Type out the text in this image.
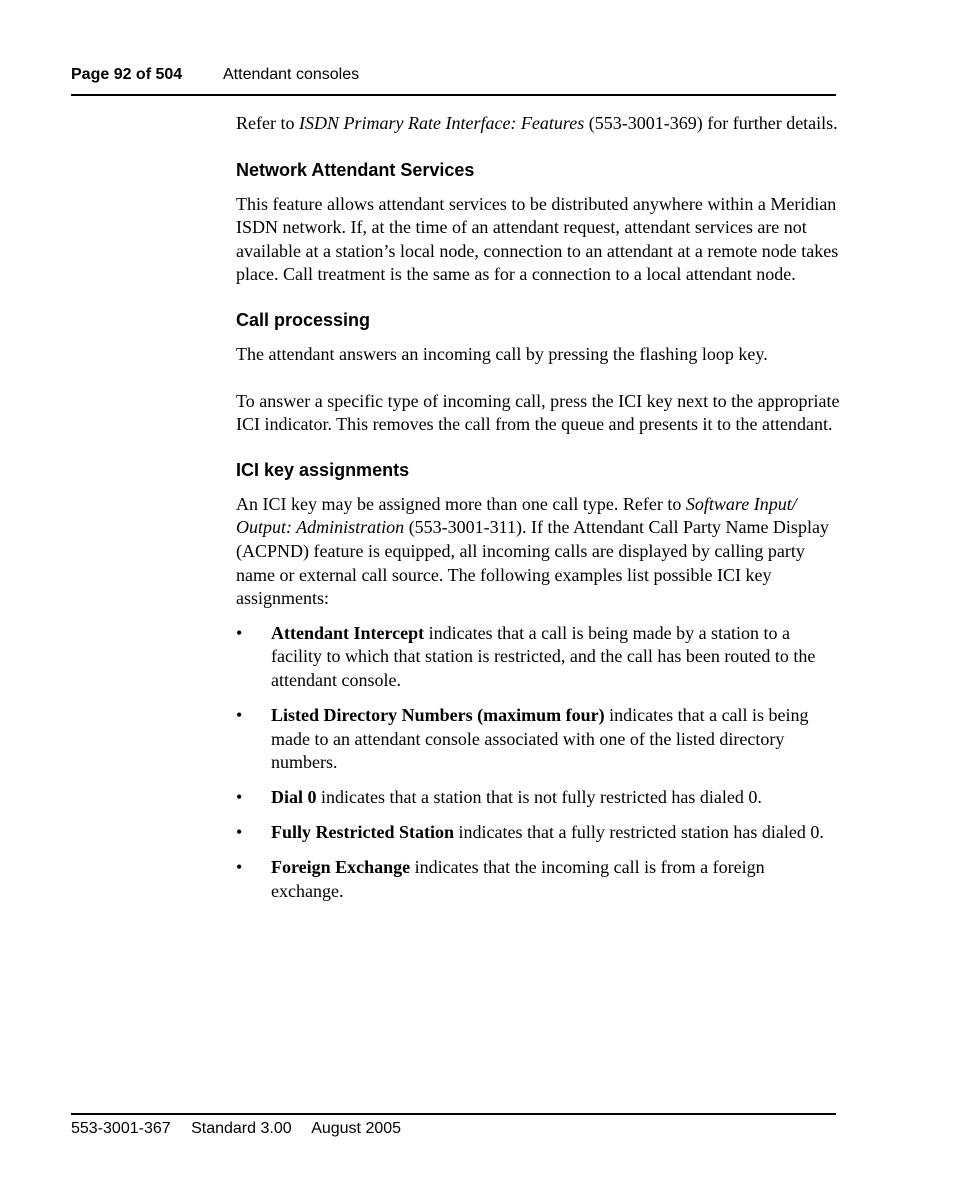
Page 92 of 504	Attendant consoles

Refer to ISDN Primary Rate Interface: Features (553-3001-369) for further details.

Network Attendant Services

This feature allows attendant services to be distributed anywhere within a Meridian ISDN network. If, at the time of an attendant request, attendant services are not available at a station’s local node, connection to an attendant at a remote node takes place. Call treatment is the same as for a connection to a local attendant node.

Call processing

The attendant answers an incoming call by pressing the flashing loop key.

To answer a specific type of incoming call, press the ICI key next to the appropriate ICI indicator. This removes the call from the queue and presents it to the attendant.

ICI key assignments

An ICI key may be assigned more than one call type. Refer to Software Input/ Output: Administration (553-3001-311). If the Attendant Call Party Name Display (ACPND) feature is equipped, all incoming calls are displayed by calling party name or external call source. The following examples list possible ICI key assignments:

• Attendant Intercept indicates that a call is being made by a station to a facility to which that station is restricted, and the call has been routed to the attendant console.
• Listed Directory Numbers (maximum four) indicates that a call is being made to an attendant console associated with one of the listed directory numbers.
• Dial 0 indicates that a station that is not fully restricted has dialed 0.
• Fully Restricted Station indicates that a fully restricted station has dialed 0.
• Foreign Exchange indicates that the incoming call is from a foreign exchange.
553-3001-367 Standard 3.00 August 2005
